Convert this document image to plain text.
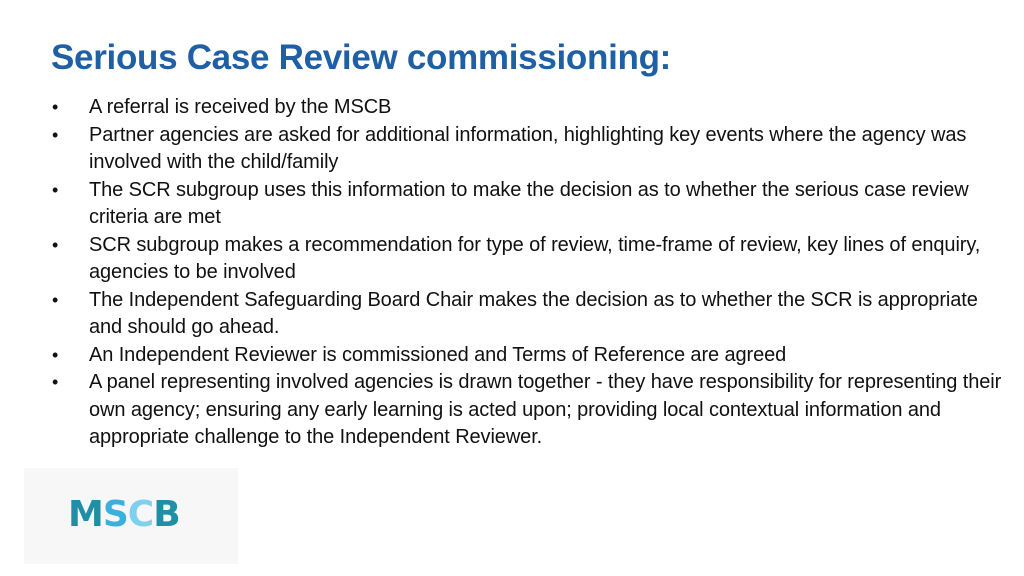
Serious Case Review commissioning:
• A referral is received by the MSCB
• Partner agencies are asked for additional information, highlighting key events where the agency was involved with the child/family
• The SCR subgroup uses this information to make the decision as to whether the serious case review criteria are met
• SCR subgroup makes a recommendation for type of review, time-frame of review, key lines of enquiry, agencies to be involved
• The Independent Safeguarding Board Chair makes the decision as to whether the SCR is appropriate and should go ahead.
• An Independent Reviewer is commissioned and Terms of Reference are agreed
• A panel representing involved agencies is drawn together - they have responsibility for representing their own agency; ensuring any early learning is acted upon; providing local contextual information and appropriate challenge to the Independent Reviewer.
MSCB
